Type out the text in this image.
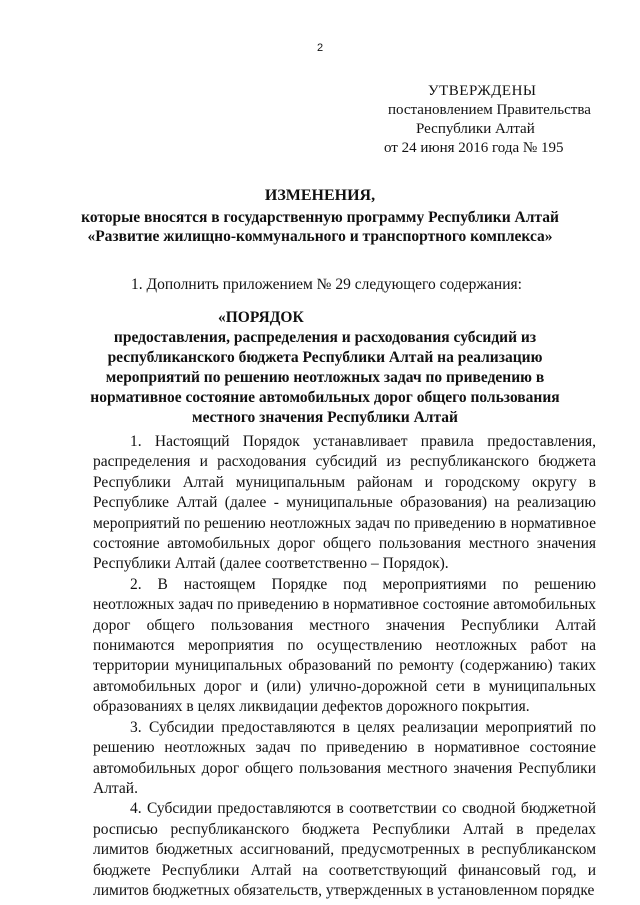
2
УТВЕРЖДЕНЫ
постановлением Правительства
Республики Алтай
от 24 июня 2016 года № 195
ИЗМЕНЕНИЯ,
которые вносятся в государственную программу Республики Алтай
«Развитие жилищно-коммунального и транспортного комплекса»
1. Дополнить приложением № 29 следующего содержания:
«ПОРЯДОК
предоставления, распределения и расходования субсидий из республиканского бюджета Республики Алтай на реализацию мероприятий по решению неотложных задач по приведению в нормативное состояние автомобильных дорог общего пользования местного значения Республики Алтай

1. Настоящий Порядок устанавливает правила предоставления, распределения и расходования субсидий из республиканского бюджета Республики Алтай муниципальным районам и городскому округу в Республике Алтай (далее - муниципальные образования) на реализацию мероприятий по решению неотложных задач по приведению в нормативное состояние автомобильных дорог общего пользования местного значения Республики Алтай (далее соответственно – Порядок).

2. В настоящем Порядке под мероприятиями по решению неотложных задач по приведению в нормативное состояние автомобильных дорог общего пользования местного значения Республики Алтай понимаются мероприятия по осуществлению неотложных работ на территории муниципальных образований по ремонту (содержанию) таких автомобильных дорог и (или) улично-дорожной сети в муниципальных образованиях в целях ликвидации дефектов дорожного покрытия.

3. Субсидии предоставляются в целях реализации мероприятий по решению неотложных задач по приведению в нормативное состояние автомобильных дорог общего пользования местного значения Республики Алтай.

4. Субсидии предоставляются в соответствии со сводной бюджетной росписью республиканского бюджета Республики Алтай в пределах лимитов бюджетных ассигнований, предусмотренных в республиканском бюджете Республики Алтай на соответствующий финансовый год, и лимитов бюджетных обязательств, утвержденных в установленном порядке
